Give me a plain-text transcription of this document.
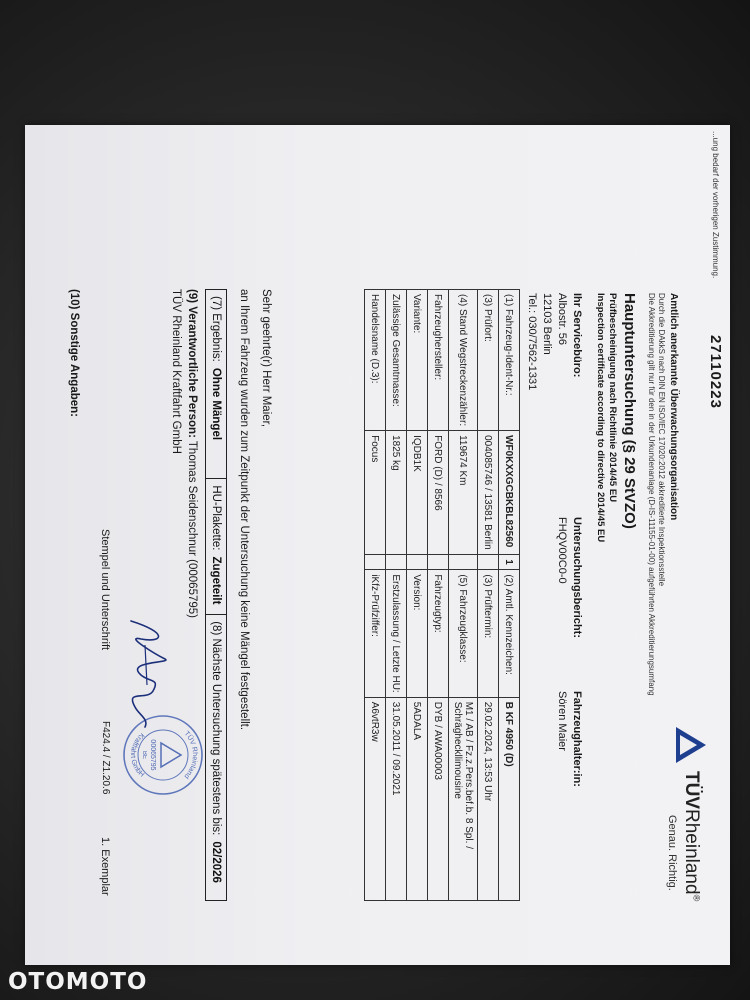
...ung bedarf der vorherigen Zustimmung.
27110223
TÜVRheinland®
Genau. Richtig.
Amtlich anerkannte Überwachungsorganisation
Durch die DAkkS nach DIN EN ISO/IEC 17020:2012 akkreditierte Inspektionsstelle
Die Akkreditierung gilt nur für den in der Urkundenanlage (D-IS-11155-01-00) aufgeführten Akkreditierungsumfang
Hauptuntersuchung (§ 29 StVZO)
Prüfbescheinigung nach Richtlinie 2014/45 EU
Inspection certificate according to directive 2014/45 EU
Ihr Servicebüro:
Albostr. 56
12103 Berlin
Tel.: 030/7562-1331
Untersuchungsbericht:
FHQV00C0-0
Fahrzeughalter:in:
Sören Maier
(1) Fahrzeug-Ident-Nr.:	WF0KXXGCBKBL82560	1	(2) Amtl. Kennzeichen:	B KF 4950 (D)
(3) Prüfort:	004085746 / 13581 Berlin		(3) Prüftermin:	29.02.2024, 13:53 Uhr
(4) Stand Wegstreckenzähler:	119674 Km		(5) Fahrzeugklasse:	M1 / AB / Fz.z.Pers.bef.b. 8 Spl. / Schrägheckllimousine
Fahrzeughersteller:	FORD (D) / 8566		Fahrzeugtyp:	DYB / AWA00003
Variante:	IQDB1K		Version:	5ADALA
Zulässige Gesamtmasse:	1825 kg		Erstzulassung / Letzte HU:	31.05.2011 / 09.2021
Handelsname (D.3):	Focus		iKfz-Prüfziffer:	A6vtR3w
Sehr geehrte(r) Herr Maier,
an Ihrem Fahrzeug wurden zum Zeitpunkt der Untersuchung keine Mängel festgestellt.
(7) Ergebnis:Ohne Mängel	HU-Plakette:Zugeteilt	(8) Nächste Untersuchung spätestens bis:02/2026
(9) Verantwortliche Person: Thomas Seidenschnur (00065795)
TÜV Rheinland Kraftfahrt GmbH
TÜV Rheinland
Kraftfahrt GmbH
00065795
BE
Stempel und Unterschrift
F424.4 / Z1.20.6
1. Exemplar
(10) Sonstige Angaben:
OTOMOTO
